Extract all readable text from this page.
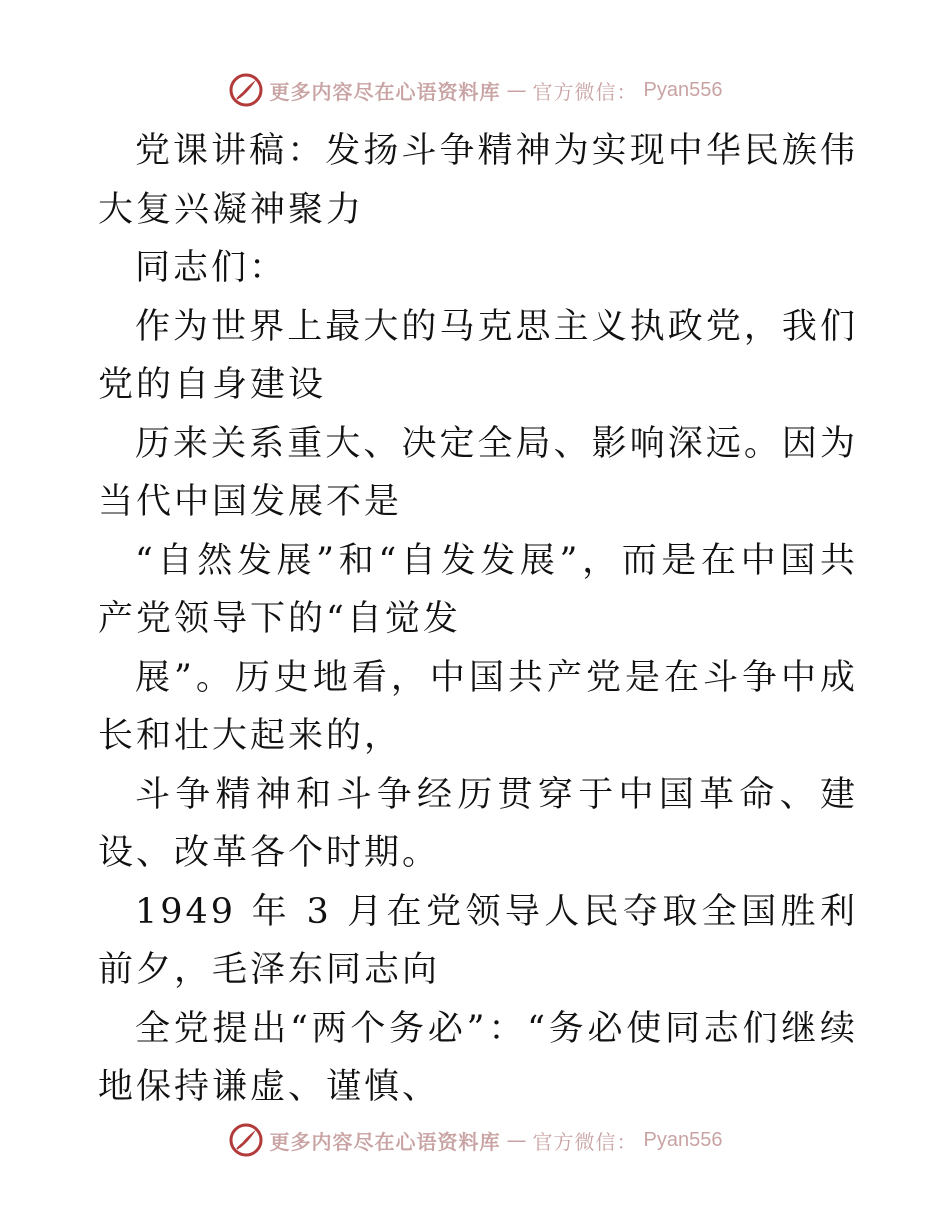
更多内容尽在心语资料库 — 官方微信： Pyan556

党课讲稿：发扬斗争精神为实现中华民族伟大复兴凝神聚力

同志们：

作为世界上最大的马克思主义执政党，我们党的自身建设

历来关系重大、决定全局、影响深远。因为当代中国发展不是

“自然发展”和“自发发展”，而是在中国共产党领导下的“自觉发

展”。历史地看，中国共产党是在斗争中成长和壮大起来的，

斗争精神和斗争经历贯穿于中国革命、建设、改革各个时期。

1949 年 3 月在党领导人民夺取全国胜利前夕，毛泽东同志向

全党提出“两个务必”：“务必使同志们继续地保持谦虚、谨慎、

更多内容尽在心语资料库 — 官方微信： Pyan556
